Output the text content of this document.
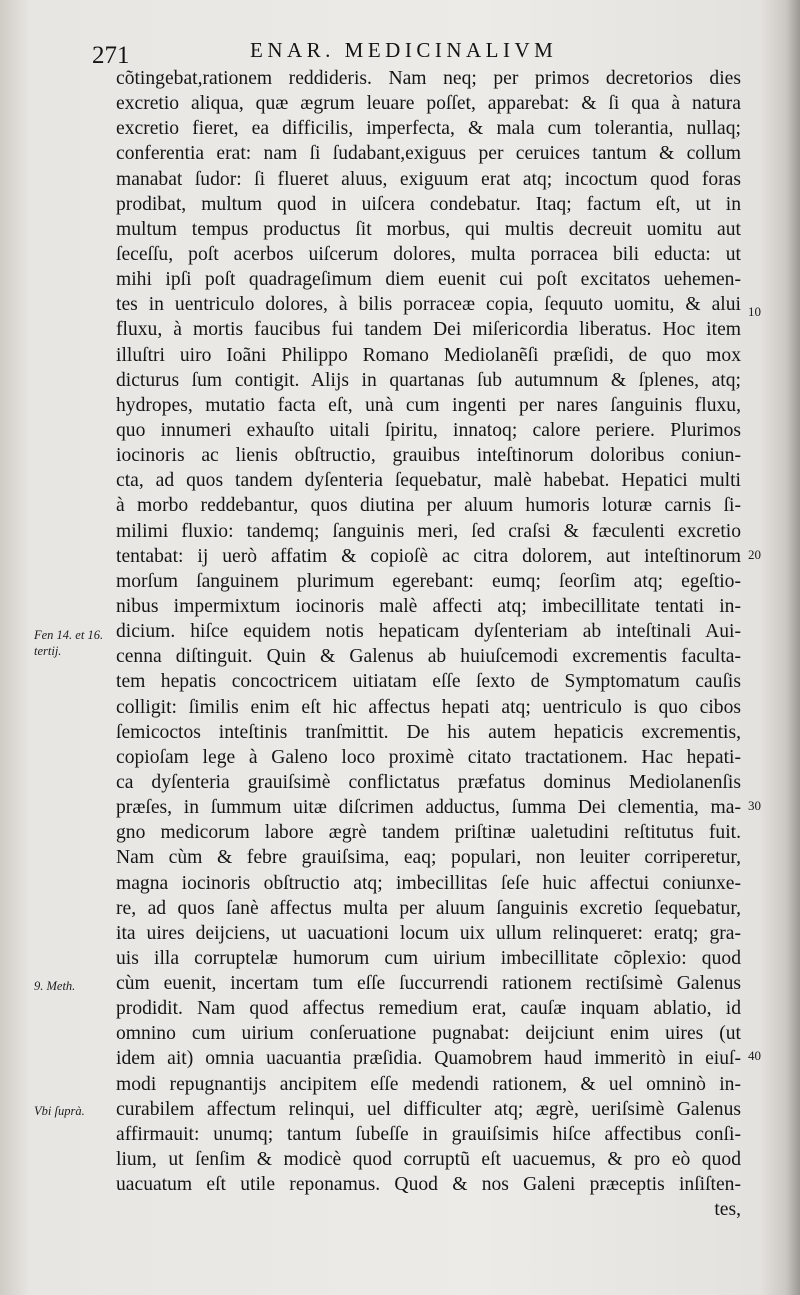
271	ENAR. MEDICINALIVM
cõtingebat,rationem reddideris. Nam neq; per primos decretorios dies
excretio aliqua, quæ ægrum leuare poſſet, apparebat: & ſi qua à natura
excretio fieret, ea difficilis, imperfecta, & mala cum tolerantia, nullaq;
conferentia erat: nam ſi ſudabant,exiguus per ceruices tantum & collum
manabat ſudor: ſi flueret aluus, exiguum erat atq; incoctum quod foras
prodibat, multum quod in uiſcera condebatur. Itaq; factum eſt, ut in
multum tempus productus ſit morbus, qui multis decreuit uomitu aut
ſeceſſu, poſt acerbos uiſcerum dolores, multa porracea bili educta: ut
mihi ipſi poſt quadrageſimum diem euenit cui poſt excitatos uehemen-
tes in uentriculo dolores, à bilis porraceæ copia, ſequuto uomitu, & alui
fluxu, à mortis faucibus fui tandem Dei miſericordia liberatus. Hoc item
illuſtri uiro Ioãni Philippo Romano Mediolanẽſi præſidi, de quo mox
dicturus ſum contigit. Alijs in quartanas ſub autumnum & ſplenes, atq;
hydropes, mutatio facta eſt, unà cum ingenti per nares ſanguinis fluxu,
quo innumeri exhauſto uitali ſpiritu, innatoq; calore periere. Plurimos
iocinoris ac lienis obſtructio, grauibus inteſtinorum doloribus coniun-
cta, ad quos tandem dyſenteria ſequebatur, malè habebat. Hepatici multi
à morbo reddebantur, quos diutina per aluum humoris loturæ carnis ſi-
milimi fluxio: tandemq; ſanguinis meri, ſed craſsi & fæculenti excretio
tentabat: ij uerò affatim & copioſè ac citra dolorem, aut inteſtinorum
morſum ſanguinem plurimum egerebant: eumq; ſeorſim atq; egeſtio-
nibus impermixtum iocinoris malè affecti atq; imbecillitate tentati in-
dicium. hiſce equidem notis hepaticam dyſenteriam ab inteſtinali Aui-
cenna diſtinguit. Quin & Galenus ab huiuſcemodi excrementis faculta-
tem hepatis concoctricem uitiatam eſſe ſexto de Symptomatum cauſis
colligit: ſimilis enim eſt hic affectus hepati atq; uentriculo is quo cibos
ſemicoctos inteſtinis tranſmittit. De his autem hepaticis excrementis,
copioſam lege à Galeno loco proximè citato tractationem. Hac hepati-
ca dyſenteria grauiſsimè conflictatus præfatus dominus Mediolanenſis
præſes, in ſummum uitæ diſcrimen adductus, ſumma Dei clementia, ma-
gno medicorum labore ægrè tandem priſtinæ ualetudini reſtitutus fuit.
Nam cùm & febre grauiſsima, eaq; populari, non leuiter corriperetur,
magna iocinoris obſtructio atq; imbecillitas ſeſe huic affectui coniunxe-
re, ad quos ſanè affectus multa per aluum ſanguinis excretio ſequebatur,
ita uires deijciens, ut uacuationi locum uix ullum relinqueret: eratq; gra-
uis illa corruptelæ humorum cum uirium imbecillitate cõplexio: quod
cùm euenit, incertam tum eſſe ſuccurrendi rationem rectiſsimè Galenus
prodidit. Nam quod affectus remedium erat, cauſæ inquam ablatio, id
omnino cum uirium conſeruatione pugnabat: deijciunt enim uires (ut
idem ait) omnia uacuantia præſidia. Quamobrem haud immeritò in eiuſ-
modi repugnantijs ancipitem eſſe medendi rationem, & uel omninò in-
curabilem affectum relinqui, uel difficulter atq; ægrè, ueriſsimè Galenus
affirmauit: unumq; tantum ſubeſſe in grauiſsimis hiſce affectibus conſi-
lium, ut ſenſim & modicè quod corruptũ eſt uacuemus, & pro eò quod
uacuatum eſt utile reponamus. Quod & nos Galeni præceptis inſiſten-
tes,
Fen 14. et 16. tertij.
9. Meth.
Vbi ſuprà.
10
20
30
40
